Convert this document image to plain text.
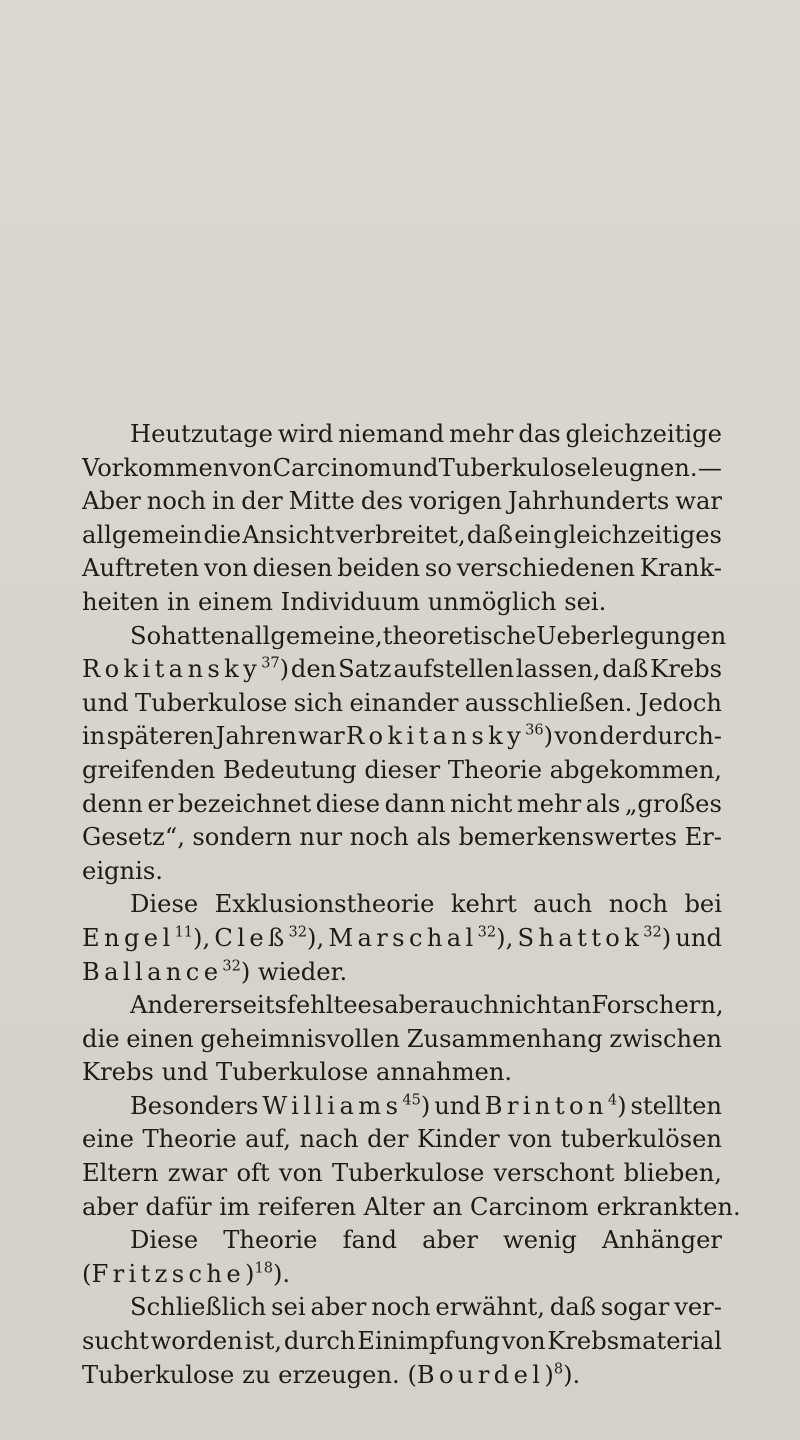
Heutzutage wird niemand mehr das gleichzeitige
Vorkommen von Carcinom und Tuberkulose leugnen. —
Aber noch in der Mitte des vorigen Jahrhunderts war
allgemein die Ansicht verbreitet, daß ein gleichzeitiges
Auftreten von diesen beiden so verschiedenen Krank-
heiten in einem Individuum unmöglich sei.
So hatten allgemeine, theoretische Ueberlegungen
Rokitansky$^{37}$) den Satz aufstellen lassen, daß Krebs
und Tuberkulose sich einander ausschließen. Jedoch
in späteren Jahren war Rokitansky$^{36}$) von der durch-
greifenden Bedeutung dieser Theorie abgekommen,
denn er bezeichnet diese dann nicht mehr als „großes
Gesetz“, sondern nur noch als bemerkenswertes Er-
eignis.
Diese Exklusionstheorie kehrt auch noch bei
Engel$^{11}$), Cleß$^{32}$), Marschal$^{32}$), Shattok$^{32}$) und
Ballance$^{32}$) wieder.
Andererseits fehlte es aber auch nicht an Forschern,
die einen geheimnisvollen Zusammenhang zwischen
Krebs und Tuberkulose annahmen.
Besonders Williams$^{45}$) und Brinton$^4$) stellten
eine Theorie auf, nach der Kinder von tuberkulösen
Eltern zwar oft von Tuberkulose verschont blieben,
aber dafür im reiferen Alter an Carcinom erkrankten.
Diese Theorie fand aber wenig Anhänger
(Fritzsche)$^{18}$).
Schließlich sei aber noch erwähnt, daß sogar ver-
sucht worden ist, durch Einimpfung von Krebsmaterial
Tuberkulose zu erzeugen. (Bourdel)$^8$).
